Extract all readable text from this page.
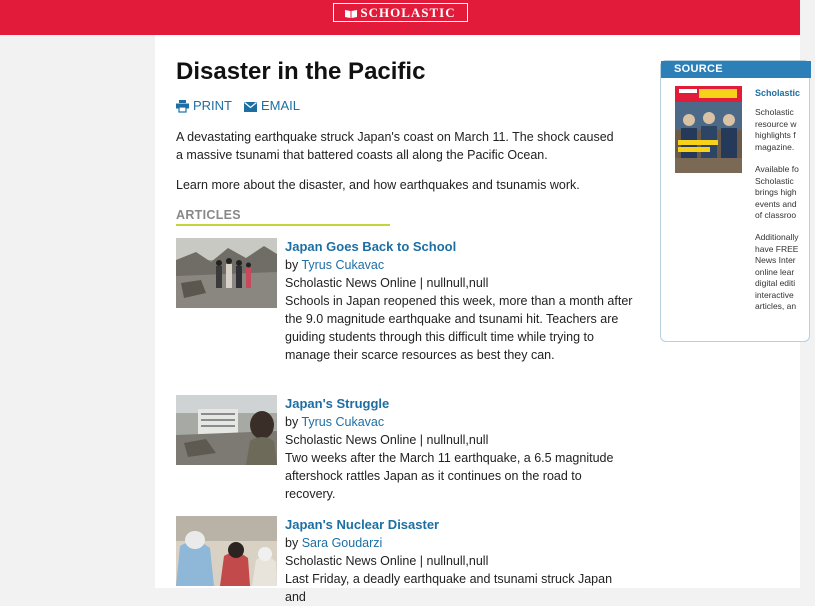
SCHOLASTIC
Disaster in the Pacific
PRINT	EMAIL

A devastating earthquake struck Japan's coast on March 11. The shock caused a massive tsunami that battered coasts all along the Pacific Ocean.

Learn more about the disaster, and how earthquakes and tsunamis work.

ARTICLES
Japan Goes Back to School
by Tyrus Cukavac
Scholastic News Online | nullnull,null

Schools in Japan reopened this week, more than a month after the 9.0 magnitude earthquake and tsunami hit. Teachers are guiding students through this difficult time while trying to manage their scarce resources as best they can.

Japan's Struggle
by Tyrus Cukavac
Scholastic News Online | nullnull,null

Two weeks after the March 11 earthquake, a 6.5 magnitude aftershock rattles Japan as it continues on the road to recovery.

Japan's Nuclear Disaster
by Sara Goudarzi
Scholastic News Online | nullnull,null

Last Friday, a deadly earthquake and tsunami struck Japan and

SOURCE
Scholastic
Scholastic
resource w
highlights f
magazine.
Available fo
Scholastic
brings high
events and
of classroo
Additionally
have FREE
News Inter
online lear
digital editi
interactive
articles, an
